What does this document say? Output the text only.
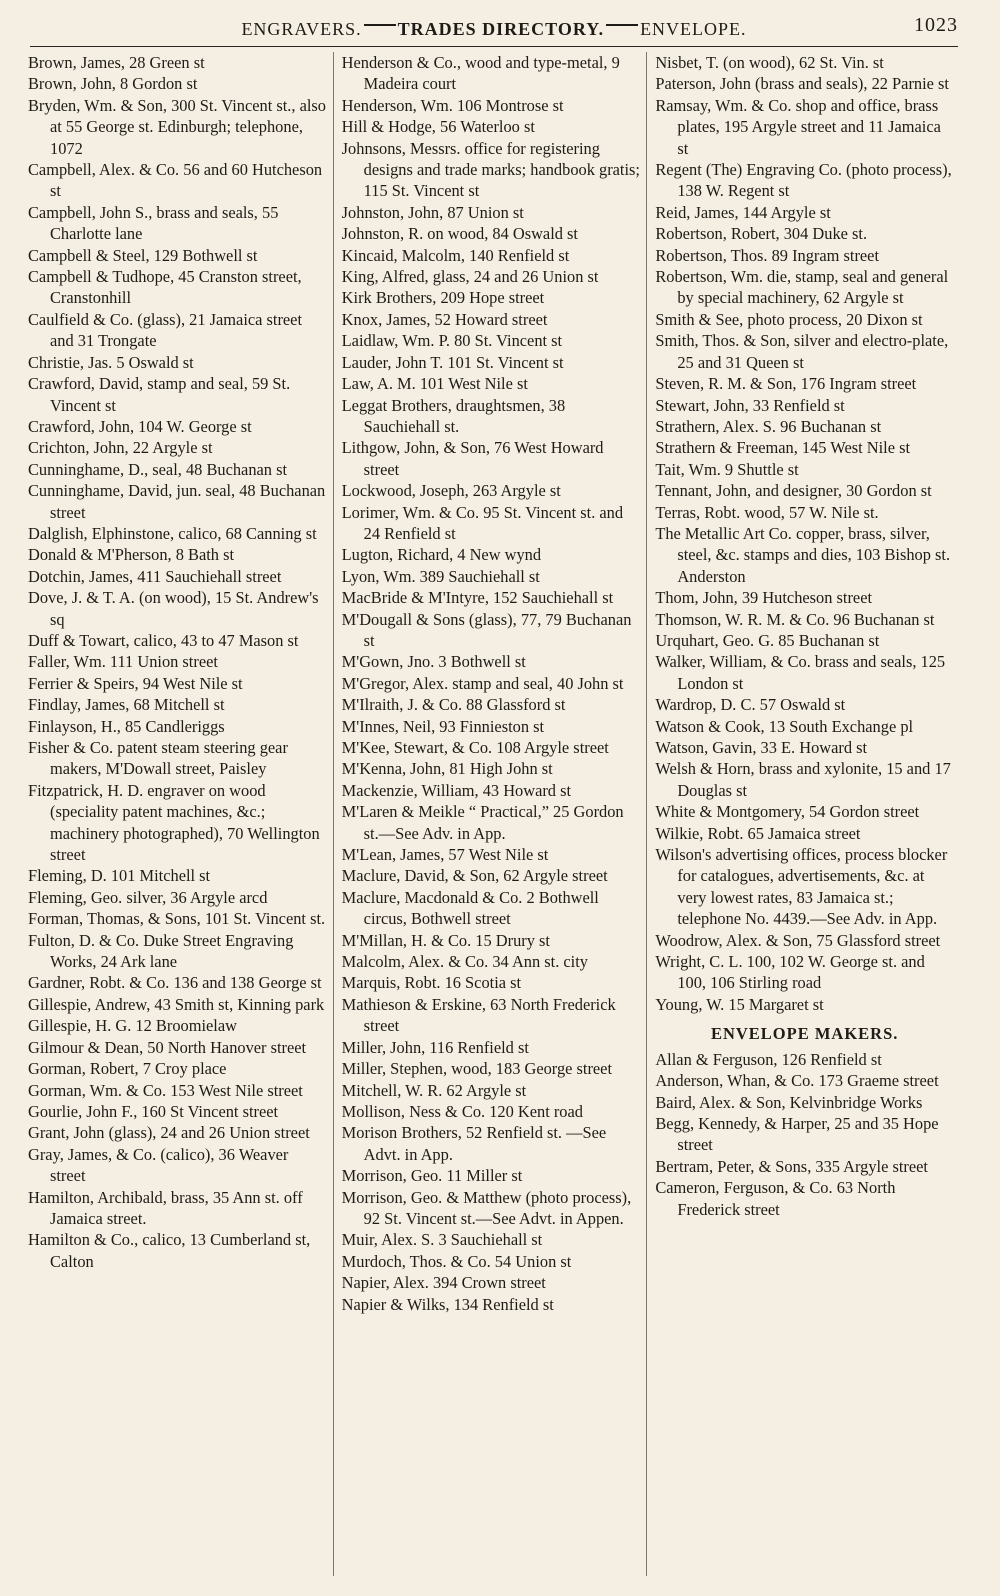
ENGRAVERS. TRADES DIRECTORY. ENVELOPE.	1023
Brown, James, 28 Green st
Brown, John, 8 Gordon st
Bryden, Wm. & Son, 300 St. Vincent st., also at 55 George st. Edinburgh; telephone, 1072
Campbell, Alex. & Co. 56 and 60 Hutcheson st
Campbell, John S., brass and seals, 55 Charlotte lane
Campbell & Steel, 129 Bothwell st
Campbell & Tudhope, 45 Cranston street, Cranstonhill
Caulfield & Co. (glass), 21 Jamaica street and 31 Trongate
Christie, Jas. 5 Oswald st
Crawford, David, stamp and seal, 59 St. Vincent st
Crawford, John, 104 W. George st
Crichton, John, 22 Argyle st
Cunninghame, D., seal, 48 Buchanan st
Cunninghame, David, jun. seal, 48 Buchanan street
Dalglish, Elphinstone, calico, 68 Canning st
Donald & M'Pherson, 8 Bath st
Dotchin, James, 411 Sauchiehall street
Dove, J. & T. A. (on wood), 15 St. Andrew's sq
Duff & Towart, calico, 43 to 47 Mason st
Faller, Wm. 111 Union street
Ferrier & Speirs, 94 West Nile st
Findlay, James, 68 Mitchell st
Finlayson, H., 85 Candleriggs
Fisher & Co. patent steam steering gear makers, M'Dowall street, Paisley
Fitzpatrick, H. D. engraver on wood (speciality patent machines, &c.; machinery photographed), 70 Wellington street
Fleming, D. 101 Mitchell st
Fleming, Geo. silver, 36 Argyle arcd
Forman, Thomas, & Sons, 101 St. Vincent st.
Fulton, D. & Co. Duke Street Engraving Works, 24 Ark lane
Gardner, Robt. & Co. 136 and 138 George st
Gillespie, Andrew, 43 Smith st, Kinning park
Gillespie, H. G. 12 Broomielaw
Gilmour & Dean, 50 North Hanover street
Gorman, Robert, 7 Croy place
Gorman, Wm. & Co. 153 West Nile street
Gourlie, John F., 160 St Vincent street
Grant, John (glass), 24 and 26 Union street
Gray, James, & Co. (calico), 36 Weaver street
Hamilton, Archibald, brass, 35 Ann st. off Jamaica street.
Hamilton & Co., calico, 13 Cumberland st, Calton
Henderson & Co., wood and type-metal, 9 Madeira court
Henderson, Wm. 106 Montrose st
Hill & Hodge, 56 Waterloo st
Johnsons, Messrs. office for registering designs and trade marks; handbook gratis; 115 St. Vincent st
Johnston, John, 87 Union st
Johnston, R. on wood, 84 Oswald st
Kincaid, Malcolm, 140 Renfield st
King, Alfred, glass, 24 and 26 Union st
Kirk Brothers, 209 Hope street
Knox, James, 52 Howard street
Laidlaw, Wm. P. 80 St. Vincent st
Lauder, John T. 101 St. Vincent st
Law, A. M. 101 West Nile st
Leggat Brothers, draughtsmen, 38 Sauchiehall st.
Lithgow, John, & Son, 76 West Howard street
Lockwood, Joseph, 263 Argyle st
Lorimer, Wm. & Co. 95 St. Vincent st. and 24 Renfield st
Lugton, Richard, 4 New wynd
Lyon, Wm. 389 Sauchiehall st
MacBride & M'Intyre, 152 Sauchiehall st
M'Dougall & Sons (glass), 77, 79 Buchanan st
M'Gown, Jno. 3 Bothwell st
M'Gregor, Alex. stamp and seal, 40 John st
M'Ilraith, J. & Co. 88 Glassford st
M'Innes, Neil, 93 Finnieston st
M'Kee, Stewart, & Co. 108 Argyle street
M'Kenna, John, 81 High John st
Mackenzie, William, 43 Howard st
M'Laren & Meikle “ Practical,” 25 Gordon st.—See Adv. in App.
M'Lean, James, 57 West Nile st
Maclure, David, & Son, 62 Argyle street
Maclure, Macdonald & Co. 2 Bothwell circus, Bothwell street
M'Millan, H. & Co. 15 Drury st
Malcolm, Alex. & Co. 34 Ann st. city
Marquis, Robt. 16 Scotia st
Mathieson & Erskine, 63 North Frederick street
Miller, John, 116 Renfield st
Miller, Stephen, wood, 183 George street
Mitchell, W. R. 62 Argyle st
Mollison, Ness & Co. 120 Kent road
Morison Brothers, 52 Renfield st. —See Advt. in App.
Morrison, Geo. 11 Miller st
Morrison, Geo. & Matthew (photo process), 92 St. Vincent st.—See Advt. in Appen.
Muir, Alex. S. 3 Sauchiehall st
Murdoch, Thos. & Co. 54 Union st
Napier, Alex. 394 Crown street
Napier & Wilks, 134 Renfield st
Nisbet, T. (on wood), 62 St. Vin. st
Paterson, John (brass and seals), 22 Parnie st
Ramsay, Wm. & Co. shop and office, brass plates, 195 Argyle street and 11 Jamaica st
Regent (The) Engraving Co. (photo process), 138 W. Regent st
Reid, James, 144 Argyle st
Robertson, Robert, 304 Duke st.
Robertson, Thos. 89 Ingram street
Robertson, Wm. die, stamp, seal and general by special machinery, 62 Argyle st
Smith & See, photo process, 20 Dixon st
Smith, Thos. & Son, silver and electro-plate, 25 and 31 Queen st
Steven, R. M. & Son, 176 Ingram street
Stewart, John, 33 Renfield st
Strathern, Alex. S. 96 Buchanan st
Strathern & Freeman, 145 West Nile st
Tait, Wm. 9 Shuttle st
Tennant, John, and designer, 30 Gordon st
Terras, Robt. wood, 57 W. Nile st.
The Metallic Art Co. copper, brass, silver, steel, &c. stamps and dies, 103 Bishop st. Anderston
Thom, John, 39 Hutcheson street
Thomson, W. R. M. & Co. 96 Buchanan st
Urquhart, Geo. G. 85 Buchanan st
Walker, William, & Co. brass and seals, 125 London st
Wardrop, D. C. 57 Oswald st
Watson & Cook, 13 South Exchange pl
Watson, Gavin, 33 E. Howard st
Welsh & Horn, brass and xylonite, 15 and 17 Douglas st
White & Montgomery, 54 Gordon street
Wilkie, Robt. 65 Jamaica street
Wilson's advertising offices, process blocker for catalogues, advertisements, &c. at very lowest rates, 83 Jamaica st.; telephone No. 4439.—See Adv. in App.
Woodrow, Alex. & Son, 75 Glassford street
Wright, C. L. 100, 102 W. George st. and 100, 106 Stirling road
Young, W. 15 Margaret st
ENVELOPE MAKERS.
Allan & Ferguson, 126 Renfield st
Anderson, Whan, & Co. 173 Graeme street
Baird, Alex. & Son, Kelvinbridge Works
Begg, Kennedy, & Harper, 25 and 35 Hope street
Bertram, Peter, & Sons, 335 Argyle street
Cameron, Ferguson, & Co. 63 North Frederick street
